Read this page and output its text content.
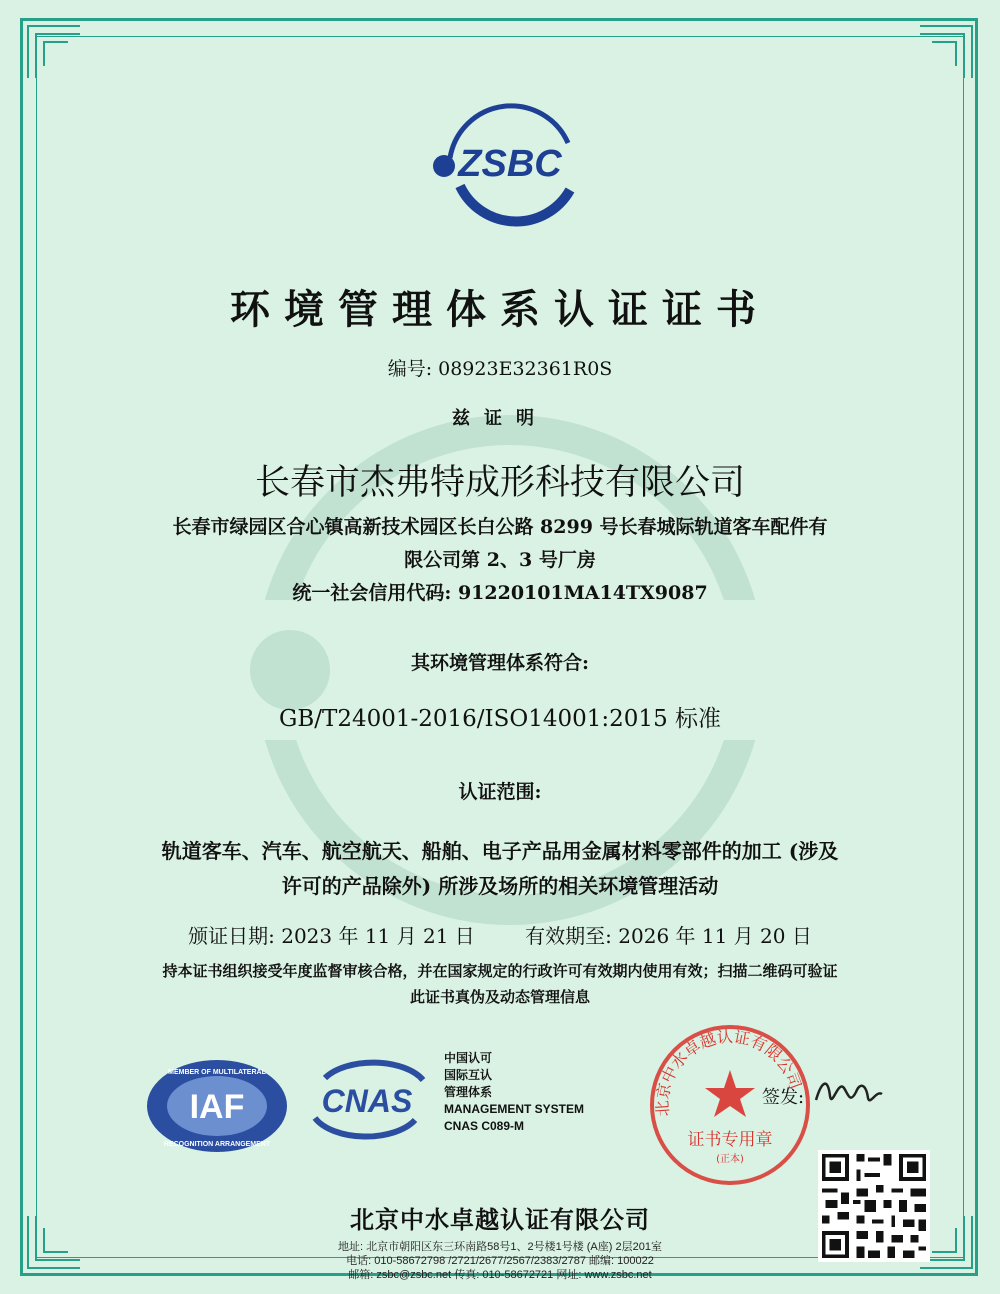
ZSBC
环境管理体系认证证书
编号: 08923E32361R0S
兹证明
长春市杰弗特成形科技有限公司
长春市绿园区合心镇高新技术园区长白公路 8299 号长春城际轨道客车配件有
限公司第 2、3 号厂房
统一社会信用代码: 91220101MA14TX9087
其环境管理体系符合:
GB/T24001-2016/ISO14001:2015 标准
认证范围:
轨道客车、汽车、航空航天、船舶、电子产品用金属材料零部件的加工 (涉及
许可的产品除外) 所涉及场所的相关环境管理活动
颁证日期: 2023 年 11 月 21 日	有效期至: 2026 年 11 月 20 日
持本证书组织接受年度监督审核合格，并在国家规定的行政许可有效期内使用有效；扫描二维码可验证
此证书真伪及动态管理信息
MEMBER OF MULTILATERAL
RECOGNITION ARRANGEMENT
IAF CNAS
中国认可
国际互认
管理体系
MANAGEMENT SYSTEM
CNAS C089-M
证书专用章
(正本)
北京中水卓越认证有限公司
签发:
北京中水卓越认证有限公司
地址: 北京市朝阳区东三环南路58号1、2号楼1号楼 (A座) 2层201室
电话: 010-58672798 /2721/2677/2567/2383/2787 邮编: 100022
邮箱: zsbc@zsbc.net 传真: 010-58672721 网址: www.zsbc.net
